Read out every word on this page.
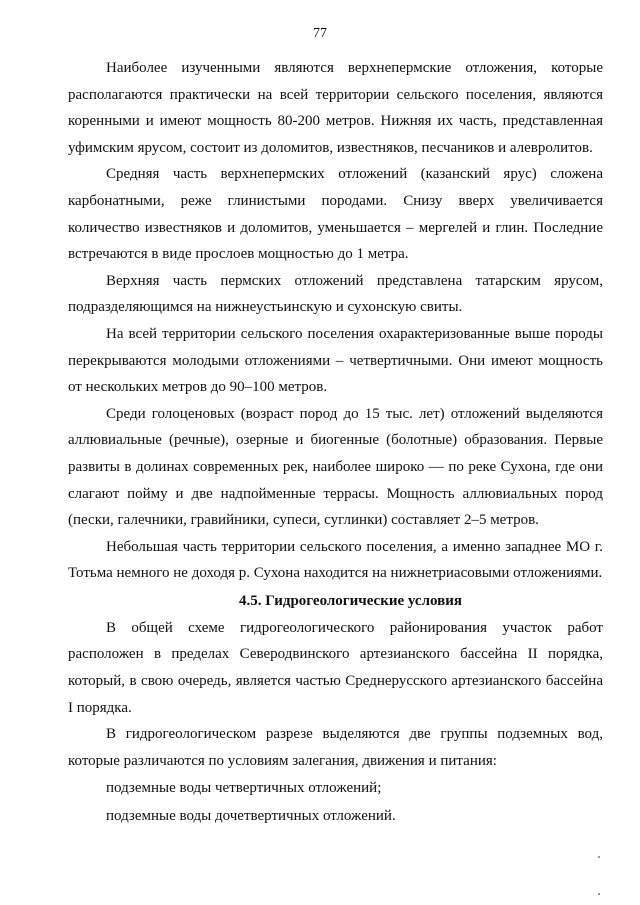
77

Наиболее изученными являются верхнепермские отложения, которые располагаются практически на всей территории сельского поселения, являются коренными и имеют мощность 80-200 метров. Нижняя их часть, представленная уфимским ярусом, состоит из доломитов, известняков, песчаников и алевролитов.

Средняя часть верхнепермских отложений (казанский ярус) сложена карбонатными, реже глинистыми породами. Снизу вверх увеличивается количество известняков и доломитов, уменьшается – мергелей и глин. Последние встречаются в виде прослоев мощностью до 1 метра.

Верхняя часть пермских отложений представлена татарским ярусом, подразделяющимся на нижнеустьинскую и сухонскую свиты.

На всей территории сельского поселения охарактеризованные выше породы перекрываются молодыми отложениями – четвертичными. Они имеют мощность от нескольких метров до 90–100 метров.

Среди голоценовых (возраст пород до 15 тыс. лет) отложений выделяются аллювиальные (речные), озерные и биогенные (болотные) образования. Первые развиты в долинах современных рек, наиболее широко — по реке Сухона, где они слагают пойму и две надпойменные террасы. Мощность аллювиальных пород (пески, галечники, гравийники, супеси, суглинки) составляет 2–5 метров.

Небольшая часть территории сельского поселения, а именно западнее МО г. Тотьма немного не доходя р. Сухона находится на нижнетриасовыми отложениями.

4.5. Гидрогеологические условия

В общей схеме гидрогеологического районирования участок работ расположен в пределах Северодвинского артезианского бассейна II порядка, который, в свою очередь, является частью Среднерусского артезианского бассейна I порядка.

В гидрогеологическом разрезе выделяются две группы подземных вод, которые различаются по условиям залегания, движения и питания:

подземные воды четвертичных отложений;

подземные воды дочетвертичных отложений.
